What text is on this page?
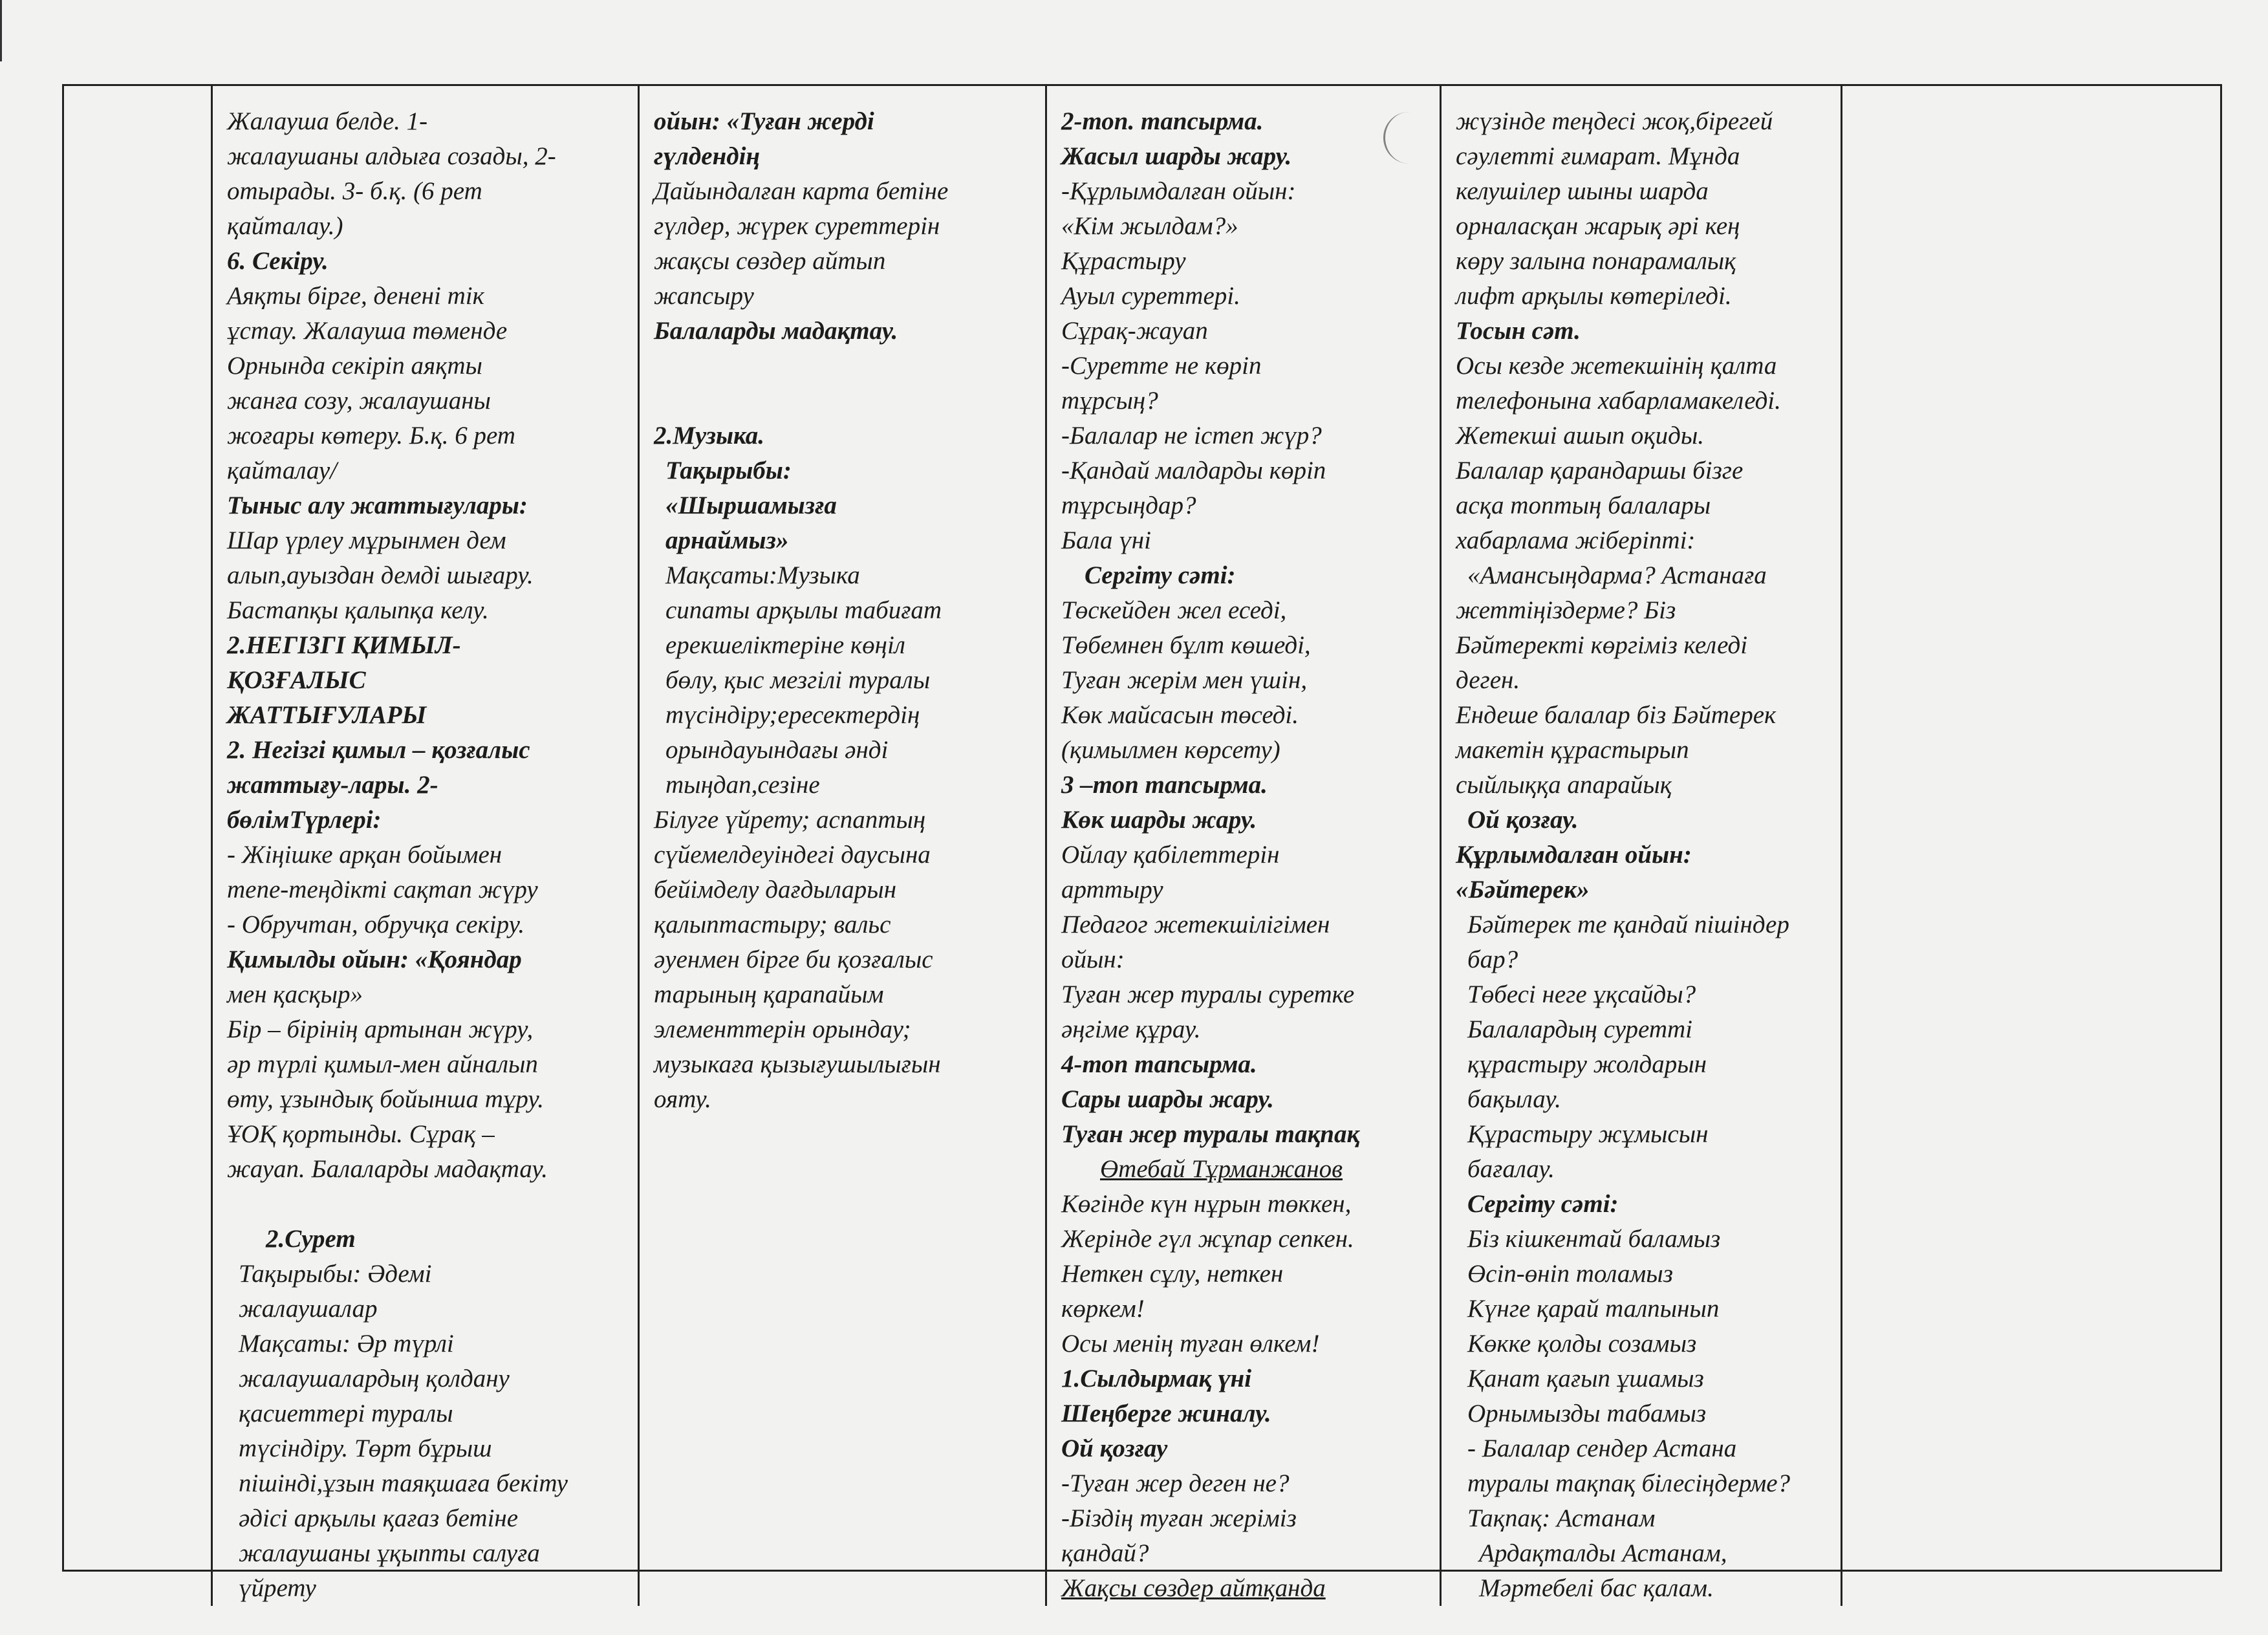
Жалауша белде. 1-
жалаушаны алдыға созады, 2-
отырады. 3- б.қ. (6 рет
қайталау.)
6. Секіру.
Аяқты бірге, денені тік
ұстау. Жалауша төменде
Орнында секіріп аяқты
жанға созу, жалаушаны
жоғары көтеру. Б.қ. 6 рет
қайталау/
Тыныс алу жаттығулары:
Шар үрлеу мұрынмен дем
алып,ауыздан демді шығару.
Бастапқы қалыпқа келу.
2.НЕГІЗГІ ҚИМЫЛ-
ҚОЗҒАЛЫС
ЖАТТЫҒУЛАРЫ
2. Негізгі қимыл – қозғалыс
жаттығу-лары. 2-
бөлімТүрлері:
- Жіңішке арқан бойымен
тепе-теңдікті сақтап жүру
- Обручтан, обручқа секіру.
Қимылды ойын: «Қояндар
мен қасқыр»
Бір – бірінің артынан жүру,
әр түрлі қимыл-мен айналып
өту, ұзындық бойынша тұру.
ҰОҚ қортынды. Сұрақ –
жауап. Балаларды мадақтау.
2.Сурет
Тақырыбы: Әдемі
жалаушалар
Мақсаты: Әр түрлі
жалаушалардың қолдану
қасиеттері туралы
түсіндіру. Төрт бұрыш
пішінді,ұзын таяқшаға бекіту
әдісі арқылы қағаз бетіне
жалаушаны ұқыпты салуға
үйрету
ойын: «Туған жерді
гүлдендің
Дайындалған карта бетіне
гүлдер, жүрек суреттерін
жақсы сөздер айтып
жапсыру
Балаларды мадақтау.
2.Музыка.
Тақырыбы:
«Шыршамызға
арнаймыз»
Мақсаты:Музыка
сипаты арқылы табиғат
ерекшеліктеріне көңіл
бөлу, қыс мезгілі туралы
түсіндіру;ересектердің
орындауындағы әнді
тыңдап,сезіне
Білуге үйрету; аспаптың
сүйемелдеуіндегі даусына
бейімделу дағдыларын
қалыптастыру; вальс
әуенмен бірге би қозғалыс
тарының қарапайым
элементтерін орындау;
музыкаға қызығушылығын
ояту.
2-топ. тапсырма.
Жасыл шарды жару.
-Құрлымдалған ойын:
«Кім жылдам?»
Құрастыру
Ауыл суреттері.
Сұрақ-жауап
-Суретте не көріп
тұрсың?
-Балалар не істеп жүр?
-Қандай малдарды көріп
тұрсыңдар?
Бала үні
Сергіту сәті:
Төскейден жел еседі,
Төбемнен бұлт көшеді,
Туған жерім мен үшін,
Көк майсасын төседі.
(қимылмен көрсету)
3 –топ тапсырма.
Көк шарды жару.
Ойлау қабілеттерін
арттыру
Педагог жетекшілігімен
ойын:
Туған жер туралы суретке
әңгіме құрау.
4-топ тапсырма.
Сары шарды жару.
Туған жер туралы тақпақ
Өтебай Тұрманжанов
Көгінде күн нұрын төккен,
Жерінде гүл жұпар сепкен.
Неткен сұлу, неткен
көркем!
Осы менің туған өлкем!
1.Сылдырмақ үні
Шеңберге жиналу.
Ой қозғау
-Туған жер деген не?
-Біздің туған жеріміз
қандай?
Жақсы сөздер айтқанда
жүзінде теңдесі жоқ,бірегей
сәулетті ғимарат. Мұнда
келушілер шыны шарда
орналасқан жарық әрі кең
көру залына понарамалық
лифт арқылы көтеріледі.
Тосын сәт.
Осы кезде жетекшінің қалта
телефонына хабарламакеледі.
Жетекші ашып оқиды.
Балалар қарандаршы бізге
асқа топтың балалары
хабарлама жіберіпті:
«Амансыңдарма? Астанаға
жеттіңіздерме? Біз
Бәйтеректі көргіміз келеді
деген.
Ендеше балалар біз Бәйтерек
макетін құрастырып
сыйлыққа апарайық
Ой қозғау.
Құрлымдалған ойын:
«Бәйтерек»
Бәйтерек те қандай пішіндер
бар?
Төбесі неге ұқсайды?
Балалардың суретті
құрастыру жолдарын
бақылау.
Құрастыру жұмысын
бағалау.
Сергіту сәті:
Біз кішкентай баламыз
Өсіп-өніп толамыз
Күнге қарай талпынып
Көкке қолды созамыз
Қанат қағып ұшамыз
Орнымызды табамыз
- Балалар сендер Астана
туралы тақпақ білесіңдерме?
Тақпақ: Астанам
Ардақталды Астанам,
Мәртебелі бас қалам.
